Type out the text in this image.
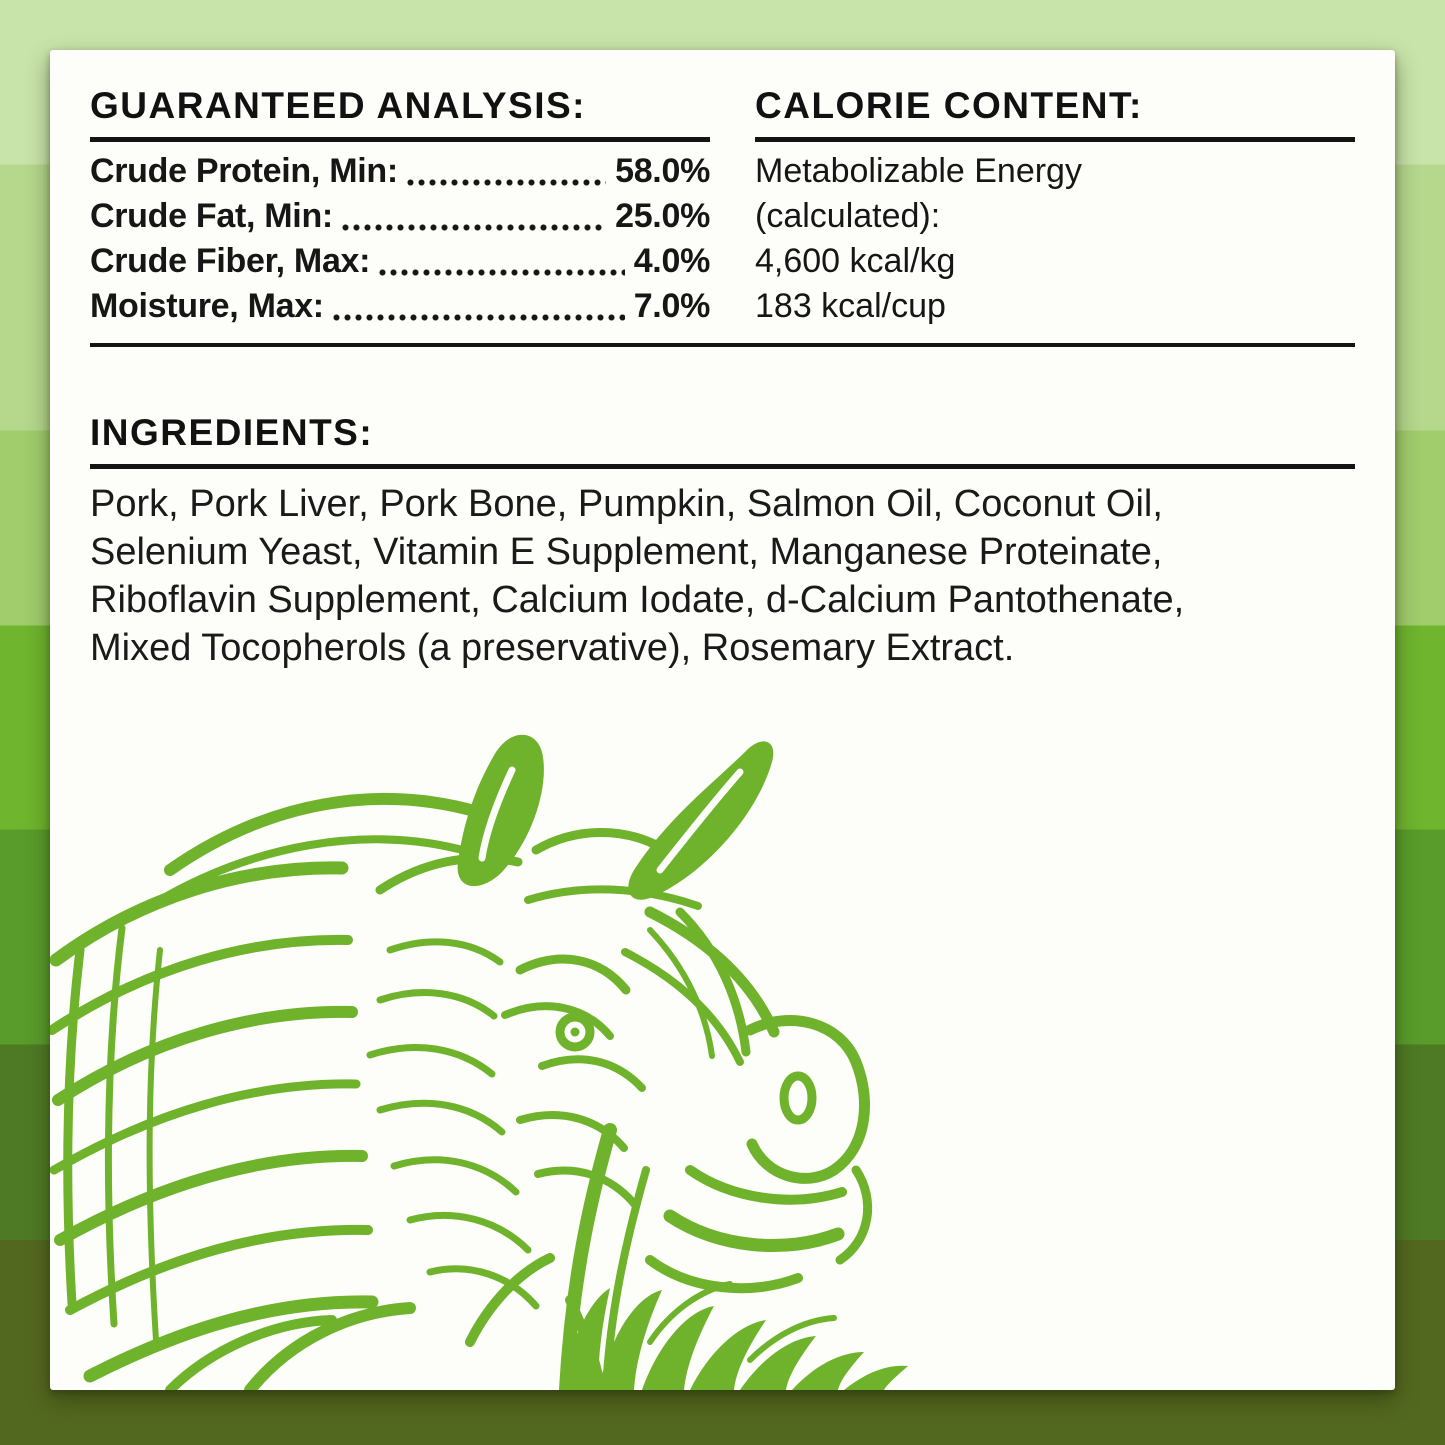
GUARANTEED ANALYSIS:
Crude Protein, Min:	58.0%
Crude Fat, Min:	25.0%
Crude Fiber, Max:	4.0%
Moisture, Max:	7.0%
CALORIE CONTENT:
Metabolizable Energy
(calculated):
4,600 kcal/kg
183 kcal/cup
INGREDIENTS:
Pork, Pork Liver, Pork Bone, Pumpkin, Salmon Oil, Coconut Oil,
Selenium Yeast, Vitamin E Supplement, Manganese Proteinate,
Riboflavin Supplement, Calcium Iodate, d-Calcium Pantothenate,
Mixed Tocopherols (a preservative), Rosemary Extract.
